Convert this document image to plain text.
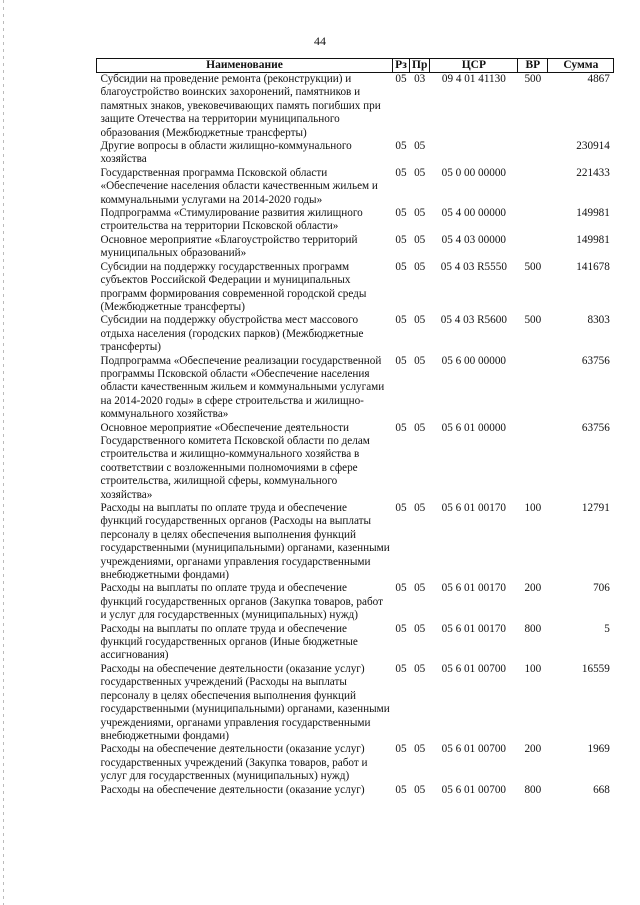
44
Наименование	Рз	Пр	ЦСР	ВР	Сумма
Субсидии на проведение ремонта (реконструкции) и благоустройство воинских захоронений, памятников и памятных знаков, увековечивающих память погибших при защите Отечества на территории муниципального образования (Межбюджетные трансферты)	05	03	09 4 01 41130	500	4867
Другие вопросы в области жилищно-коммунального хозяйства	05	05			230914
Государственная программа Псковской области «Обеспечение населения области качественным жильем и коммунальными услугами на 2014-2020 годы»	05	05	05 0 00 00000		221433
Подпрограмма «Стимулирование развития жилищного строительства на территории Псковской области»	05	05	05 4 00 00000		149981
Основное мероприятие «Благоустройство территорий муниципальных образований»	05	05	05 4 03 00000		149981
Субсидии на поддержку государственных программ субъектов Российской Федерации и муниципальных программ формирования современной городской среды (Межбюджетные трансферты)	05	05	05 4 03 R5550	500	141678
Субсидии на поддержку обустройства мест массового отдыха населения (городских парков) (Межбюджетные трансферты)	05	05	05 4 03 R5600	500	8303
Подпрограмма «Обеспечение реализации государственной программы Псковской области «Обеспечение населения области качественным жильем и коммунальными услугами на 2014-2020 годы» в сфере строительства и жилищно-коммунального хозяйства»	05	05	05 6 00 00000		63756
Основное мероприятие «Обеспечение деятельности Государственного комитета Псковской области по делам строительства и жилищно-коммунального хозяйства в соответствии с возложенными полномочиями в сфере строительства, жилищной сферы, коммунального хозяйства»	05	05	05 6 01 00000		63756
Расходы на выплаты по оплате труда и обеспечение функций государственных органов (Расходы на выплаты персоналу в целях обеспечения выполнения функций государственными (муниципальными) органами, казенными учреждениями, органами управления государственными внебюджетными фондами)	05	05	05 6 01 00170	100	12791
Расходы на выплаты по оплате труда и обеспечение функций государственных органов (Закупка товаров, работ и услуг для государственных (муниципальных) нужд)	05	05	05 6 01 00170	200	706
Расходы на выплаты по оплате труда и обеспечение функций государственных органов (Иные бюджетные ассигнования)	05	05	05 6 01 00170	800	5
Расходы на обеспечение деятельности (оказание услуг) государственных учреждений (Расходы на выплаты персоналу в целях обеспечения выполнения функций государственными (муниципальными) органами, казенными учреждениями, органами управления государственными внебюджетными фондами)	05	05	05 6 01 00700	100	16559
Расходы на обеспечение деятельности (оказание услуг) государственных учреждений (Закупка товаров, работ и услуг для государственных (муниципальных) нужд)	05	05	05 6 01 00700	200	1969
Расходы на обеспечение деятельности (оказание услуг)	05	05	05 6 01 00700	800	668
